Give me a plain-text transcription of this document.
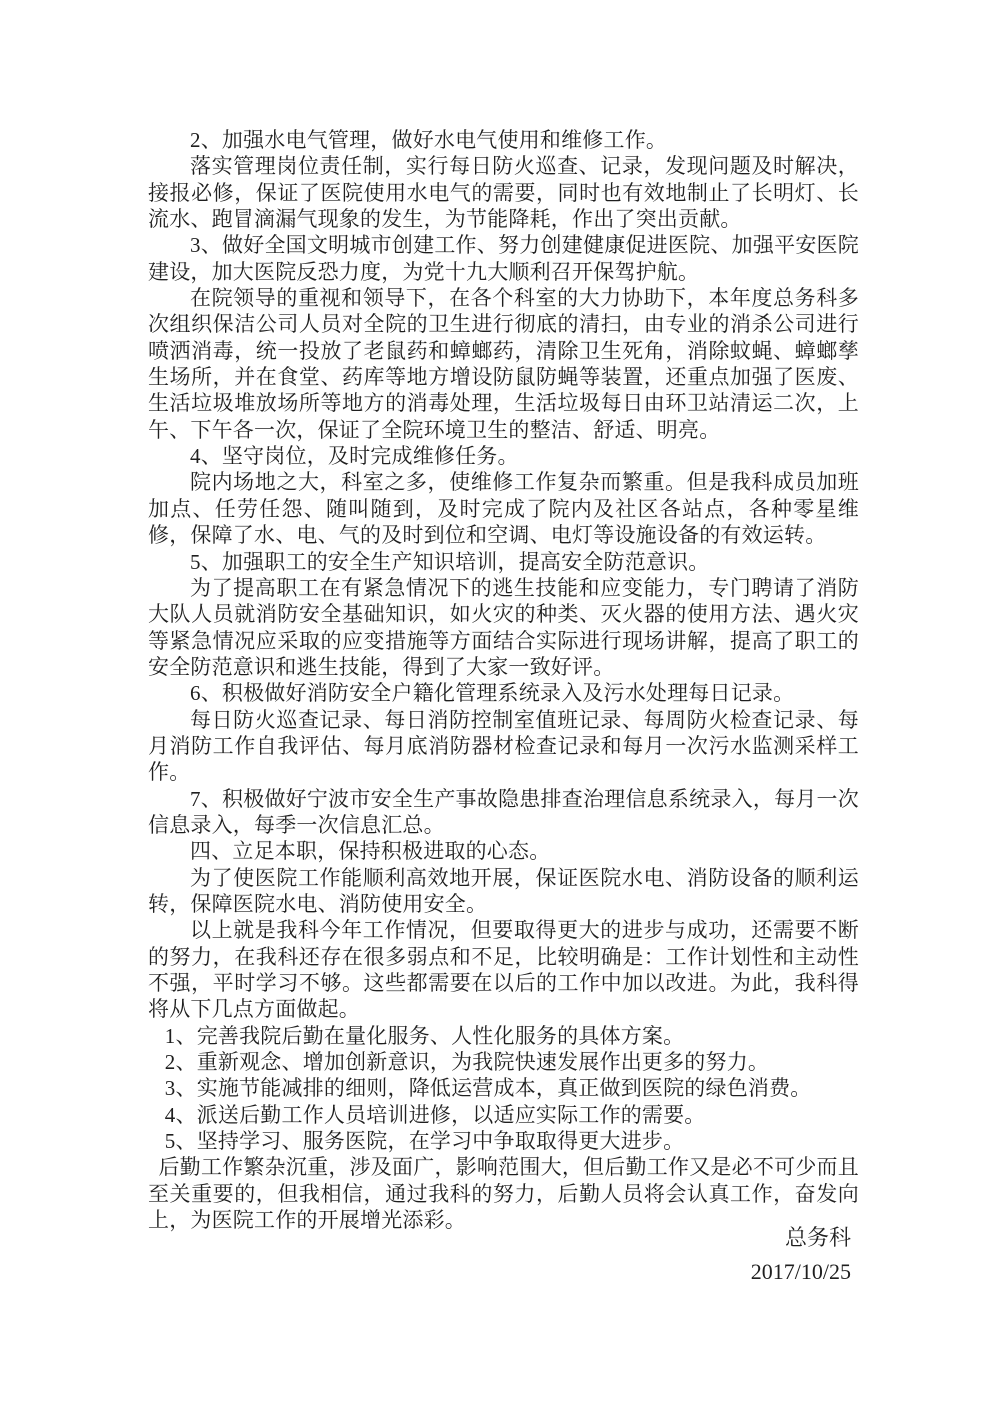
2、加强水电气管理，做好水电气使用和维修工作。

落实管理岗位责任制，实行每日防火巡查、记录，发现问题及时解决，接报必修，保证了医院使用水电气的需要，同时也有效地制止了长明灯、长流水、跑冒滴漏气现象的发生，为节能降耗，作出了突出贡献。

3、做好全国文明城市创建工作、努力创建健康促进医院、加强平安医院建设，加大医院反恐力度，为党十九大顺利召开保驾护航。

在院领导的重视和领导下，在各个科室的大力协助下，本年度总务科多次组织保洁公司人员对全院的卫生进行彻底的清扫，由专业的消杀公司进行喷洒消毒，统一投放了老鼠药和蟑螂药，清除卫生死角，消除蚊蝇、蟑螂孳生场所，并在食堂、药库等地方增设防鼠防蝇等装置，还重点加强了医废、生活垃圾堆放场所等地方的消毒处理，生活垃圾每日由环卫站清运二次，上午、下午各一次，保证了全院环境卫生的整洁、舒适、明亮。

4、坚守岗位，及时完成维修任务。

院内场地之大，科室之多，使维修工作复杂而繁重。但是我科成员加班加点、任劳任怨、随叫随到，及时完成了院内及社区各站点，各种零星维修，保障了水、电、气的及时到位和空调、电灯等设施设备的有效运转。

5、加强职工的安全生产知识培训，提高安全防范意识。

为了提高职工在有紧急情况下的逃生技能和应变能力，专门聘请了消防大队人员就消防安全基础知识，如火灾的种类、灭火器的使用方法、遇火灾等紧急情况应采取的应变措施等方面结合实际进行现场讲解，提高了职工的安全防范意识和逃生技能，得到了大家一致好评。

6、积极做好消防安全户籍化管理系统录入及污水处理每日记录。

每日防火巡查记录、每日消防控制室值班记录、每周防火检查记录、每月消防工作自我评估、每月底消防器材检查记录和每月一次污水监测采样工作。

7、积极做好宁波市安全生产事故隐患排查治理信息系统录入，每月一次信息录入，每季一次信息汇总。

四、立足本职，保持积极进取的心态。

为了使医院工作能顺利高效地开展，保证医院水电、消防设备的顺利运转，保障医院水电、消防使用安全。

以上就是我科今年工作情况，但要取得更大的进步与成功，还需要不断的努力，在我科还存在很多弱点和不足，比较明确是：工作计划性和主动性不强，平时学习不够。这些都需要在以后的工作中加以改进。为此，我科得将从下几点方面做起。

1、完善我院后勤在量化服务、人性化服务的具体方案。

2、重新观念、增加创新意识，为我院快速发展作出更多的努力。

3、实施节能减排的细则，降低运营成本，真正做到医院的绿色消费。

4、派送后勤工作人员培训进修，以适应实际工作的需要。

5、坚持学习、服务医院，在学习中争取取得更大进步。

后勤工作繁杂沉重，涉及面广，影响范围大，但后勤工作又是必不可少而且至关重要的，但我相信，通过我科的努力，后勤人员将会认真工作，奋发向上，为医院工作的开展增光添彩。

总务科
2017/10/25
